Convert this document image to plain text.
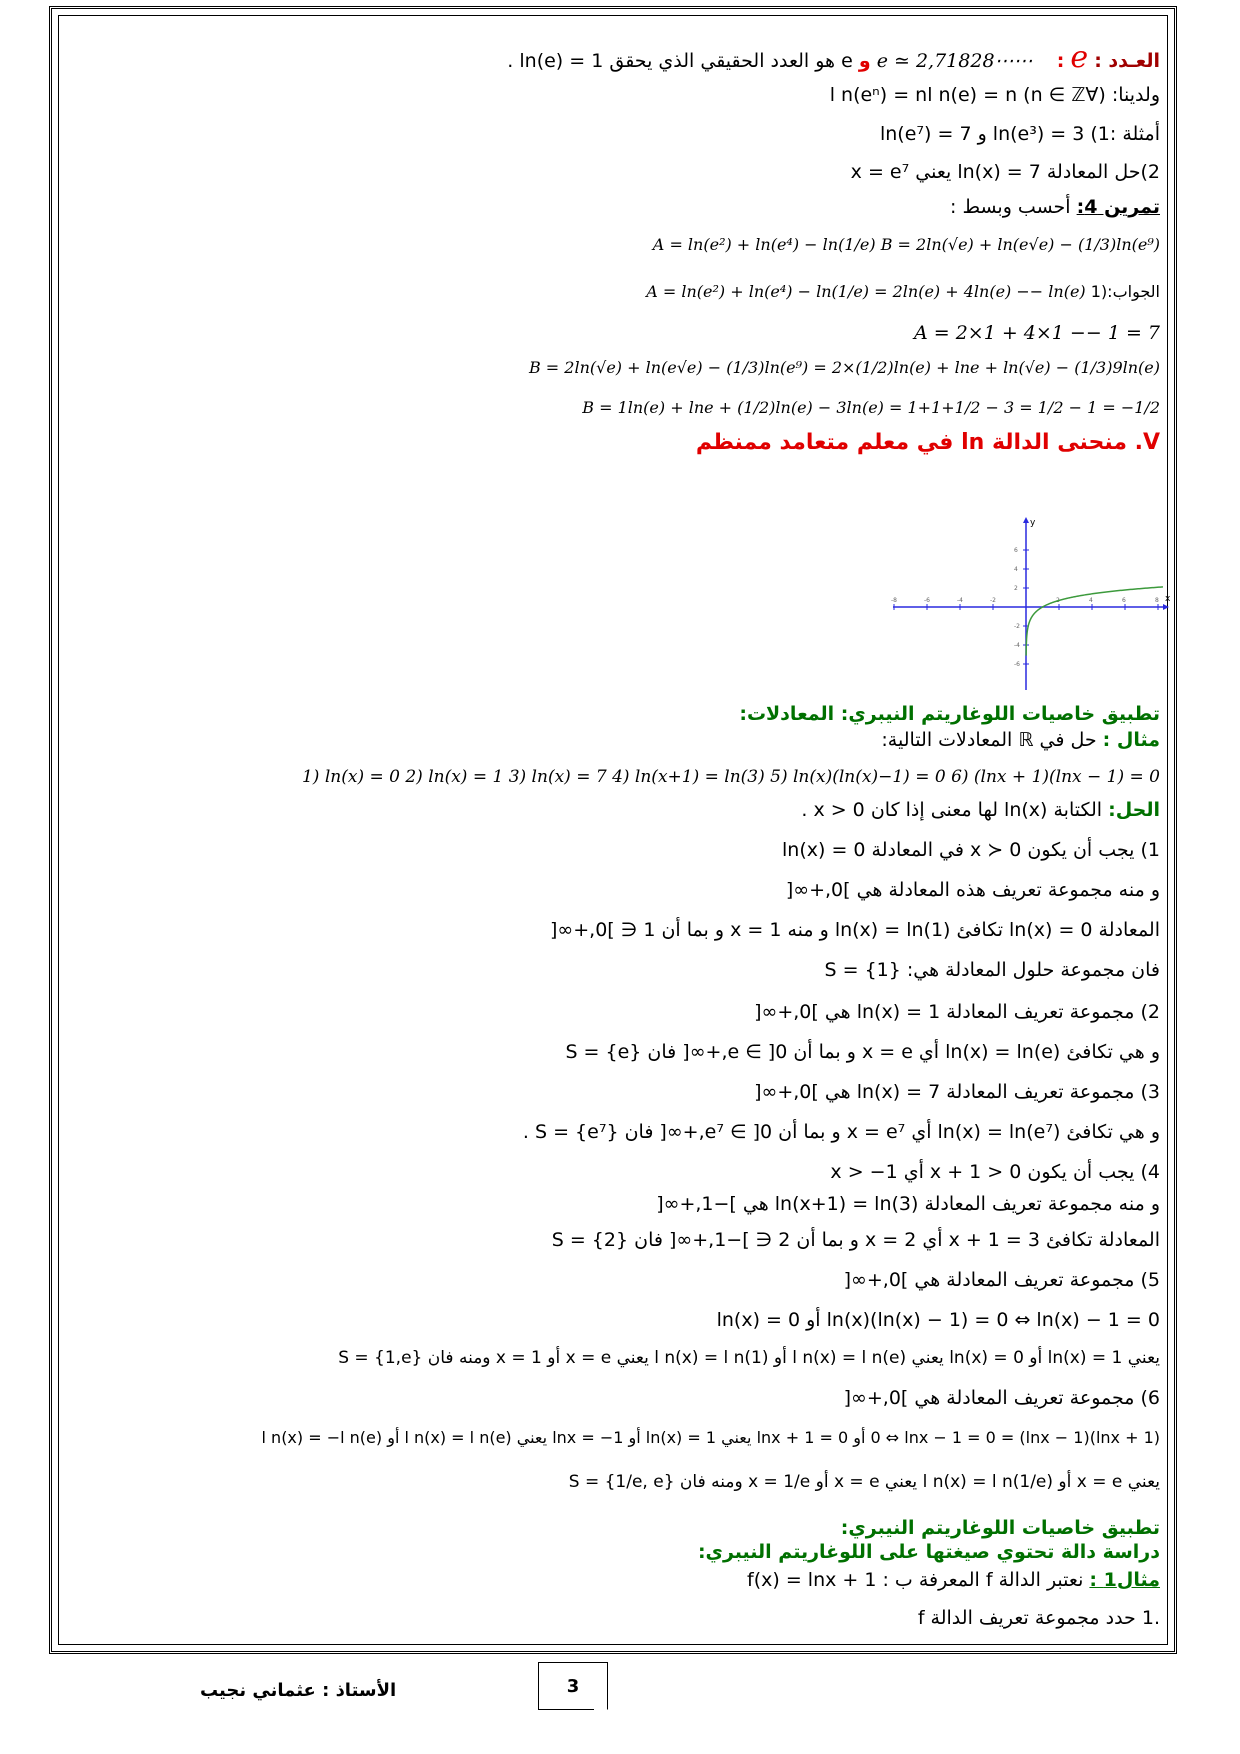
العـدد : e :    e ≃ 2,71828⋯⋯ و e هو العدد الحقيقي الذي يحقق ln(e) = 1 .
ولدينا: (∀n ∈ ℤ) l n(eⁿ) = nl n(e) = n
أمثلة :1) ln(e³) = 3 و 7 = ln(e⁷)
2)حل المعادلة ln(x) = 7 يعني x = e⁷
تمرين 4: أحسب وبسط :
A = ln(e²) + ln(e⁴) − ln(1/e) B = 2ln(√e) + ln(e√e) − (1/3)ln(e⁹)
الجواب:(1 A = ln(e²) + ln(e⁴) − ln(1/e) = 2ln(e) + 4ln(e) −− ln(e)
A = 2×1 + 4×1 −− 1 = 7
B = 2ln(√e) + ln(e√e) − (1/3)ln(e⁹) = 2×(1/2)ln(e) + lne + ln(√e) − (1/3)9ln(e)
B = 1ln(e) + lne + (1/2)ln(e) − 3ln(e) = 1+1+1/2 − 3 = 1/2 − 1 = −1/2
V. منحنى الدالة ln في معلم متعامد ممنظم
x
y
-8	-6	-4	-2	2	4	6	8
6
4
2
-2
-4
-6
تطبيق خاصيات اللوغاريتم النيبري: المعادلات:
مثال : حل في ℝ المعادلات التالية:
1) ln(x) = 0 2) ln(x) = 1 3) ln(x) = 7 4) ln(x+1) = ln(3) 5) ln(x)(ln(x)−1) = 0 6) (lnx + 1)(lnx − 1) = 0
الحل: الكتابة ln(x) لها معنى إذا كان x > 0 .
1) يجب أن يكون x ≻ 0 في المعادلة ln(x) = 0
و منه مجموعة تعريف هذه المعادلة هي ]0,+∞[
المعادلة ln(x) = 0 تكافئ ln(x) = ln(1) و منه x = 1 و بما أن 1 ∈ ]0,+∞[
فان مجموعة حلول المعادلة هي: S = {1}
2) مجموعة تعريف المعادلة ln(x) = 1 هي ]0,+∞[
و هي تكافئ ln(x) = ln(e) أي x = e و بما أن e ∈ ]0,+∞[ فان S = {e}
3) مجموعة تعريف المعادلة ln(x) = 7 هي ]0,+∞[
و هي تكافئ ln(x) = ln(e⁷) أي x = e⁷ و بما أن e⁷ ∈ ]0,+∞[ فان S = {e⁷} .
4) يجب أن يكون x + 1 > 0 أي x > −1
و منه مجموعة تعريف المعادلة ln(x+1) = ln(3) هي ]−1,+∞[
المعادلة تكافئ x + 1 = 3 أي x = 2 و بما أن 2 ∈ ]−1,+∞[ فان S = {2}
5) مجموعة تعريف المعادلة هي ]0,+∞[
ln(x)(ln(x) − 1) = 0 ⇔ ln(x) − 1 = 0 أو ln(x) = 0
يعني ln(x) = 1 أو ln(x) = 0 يعني l n(x) = l n(e) أو l n(x) = l n(1) يعني x = e أو x = 1 ومنه فان S = {1,e}
6) مجموعة تعريف المعادلة هي ]0,+∞[
(lnx + 1)(lnx − 1) = 0 ⇔ lnx − 1 = 0 أو lnx + 1 = 0 يعني ln(x) = 1 أو lnx = −1 يعني l n(x) = l n(e) أو l n(x) = −l n(e)
يعني x = e أو l n(x) = l n(1/e) يعني x = e أو x = 1/e ومنه فان S = {1/e, e}
تطبيق خاصيات اللوغاريتم النيبري:
دراسة دالة تحتوي صيغتها على اللوغاريتم النيبري:
مثال1 : نعتبر الدالة f المعرفة ب : f(x) = lnx + 1
.1 حدد مجموعة تعريف الدالة f
الأستاذ : عثماني نجيب	3
